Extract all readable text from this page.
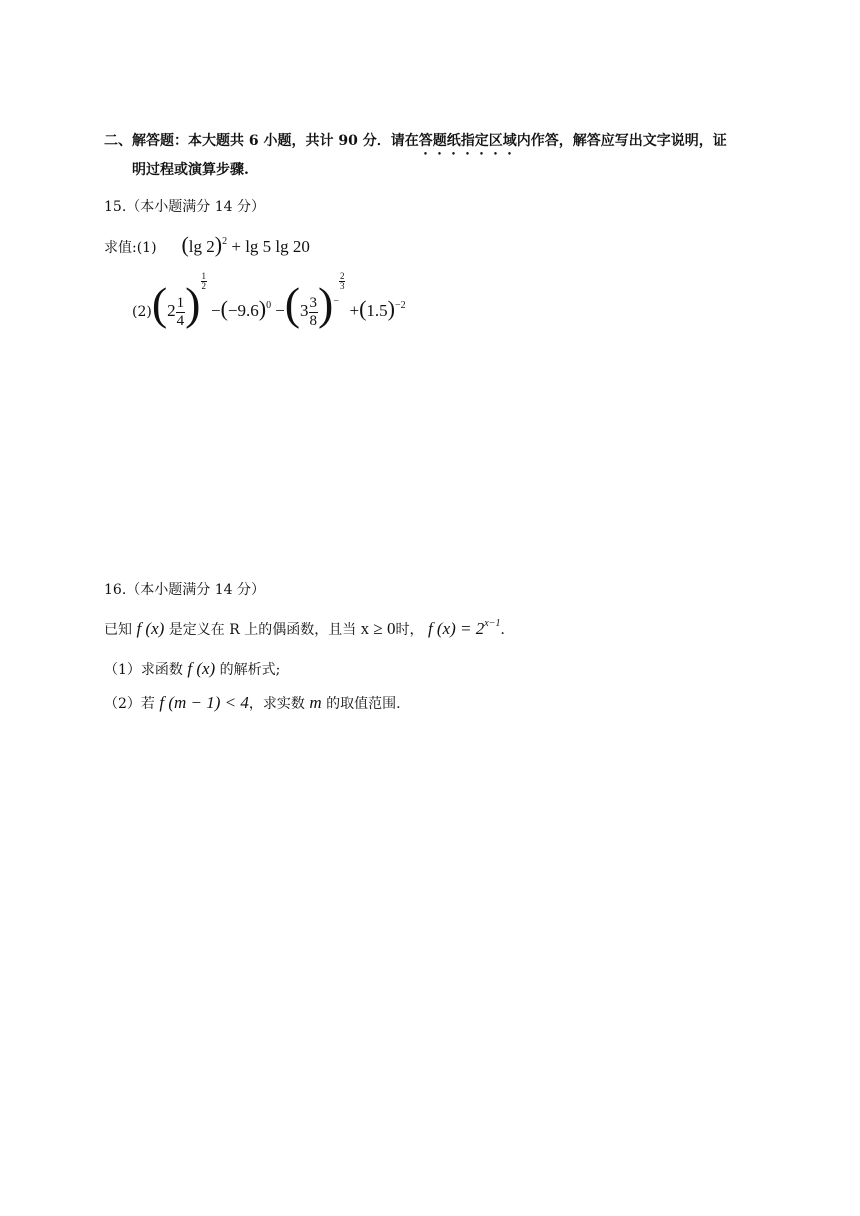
二、解答题：本大题共 6 小题，共计 90 分．请在答题纸指定区域内作答，解答应写出文字说明，证
明过程或演算步骤.
15.（本小题满分 14 分）
求值:(1) (lg 2)$^2$ + lg 5 lg 20
$(2)(2 \frac{1}{4}$ ) $\frac{1}{2}$
$-(-9.6)^0 -(3 \frac{3}{8} )^-$
$\frac{2}{3}$
$+(1.5)^{-2}$
16.（本小题满分 14 分）
已知 f (x) 是定义在 R 上的偶函数，且当 x ≥ 0时， f $(x) = 2^{x-1}$．
（1）求函数 f (x) 的解析式;
（2）若 f (m − 1) < 4，求实数 m 的取值范围.
